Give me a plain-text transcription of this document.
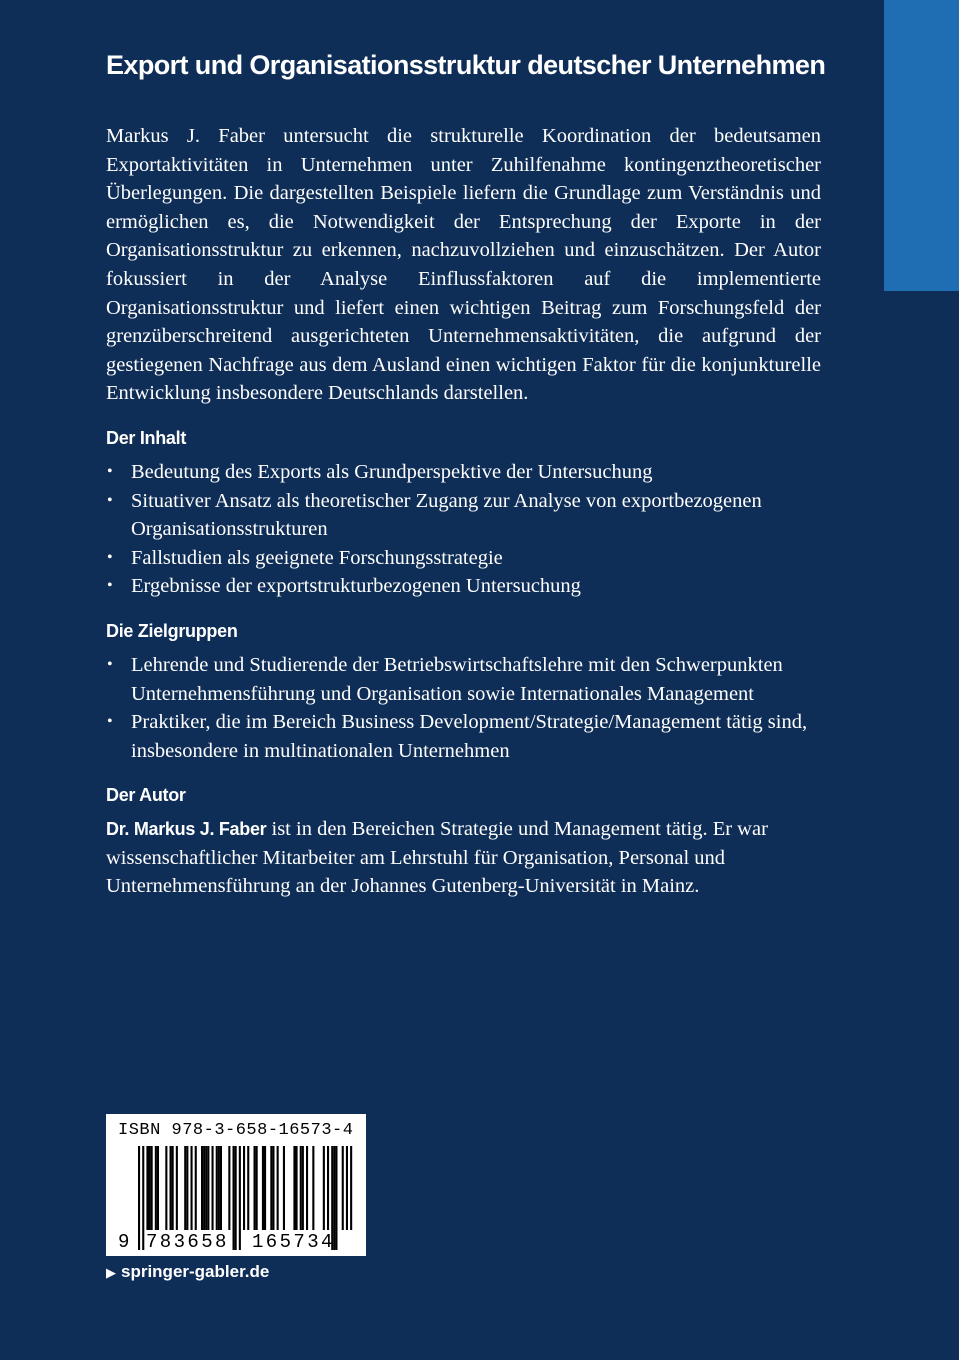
Export und Organisationsstruktur deutscher Unternehmen

Markus J. Faber untersucht die strukturelle Koordination der bedeutsamen Exportaktivitäten in Unternehmen unter Zuhilfenahme kontingenztheoretischer Überlegungen. Die dargestellten Beispiele liefern die Grundlage zum Verständnis und ermöglichen es, die Notwendigkeit der Entsprechung der Exporte in der Organisationsstruktur zu erkennen, nachzuvollziehen und einzuschätzen. Der Autor fokussiert in der Analyse Einflussfaktoren auf die implementierte Organisationsstruktur und liefert einen wichtigen Beitrag zum Forschungsfeld der grenzüberschreitend ausgerichteten Unternehmensaktivitäten, die aufgrund der gestiegenen Nachfrage aus dem Ausland einen wichtigen Faktor für die konjunkturelle Entwicklung insbesondere Deutschlands darstellen.

Der Inhalt
• Bedeutung des Exports als Grundperspektive der Untersuchung
• Situativer Ansatz als theoretischer Zugang zur Analyse von exportbezogenen Organisationsstrukturen
• Fallstudien als geeignete Forschungsstrategie
• Ergebnisse der exportstrukturbezogenen Untersuchung
Die Zielgruppen
• Lehrende und Studierende der Betriebswirtschaftslehre mit den Schwerpunkten Unternehmensführung und Organisation sowie Internationales Management
• Praktiker, die im Bereich Business Development/Strategie/Management tätig sind, insbesondere in multinationalen Unternehmen
Der Autor

Dr. Markus J. Faber ist in den Bereichen Strategie und Management tätig. Er war wissenschaftlicher Mitarbeiter am Lehrstuhl für Organisation, Personal und Unternehmensführung an der Johannes Gutenberg-Universität in Mainz.

ISBN 978-3-658-16573-4
9 783658 165734
▶ springer-gabler.de
